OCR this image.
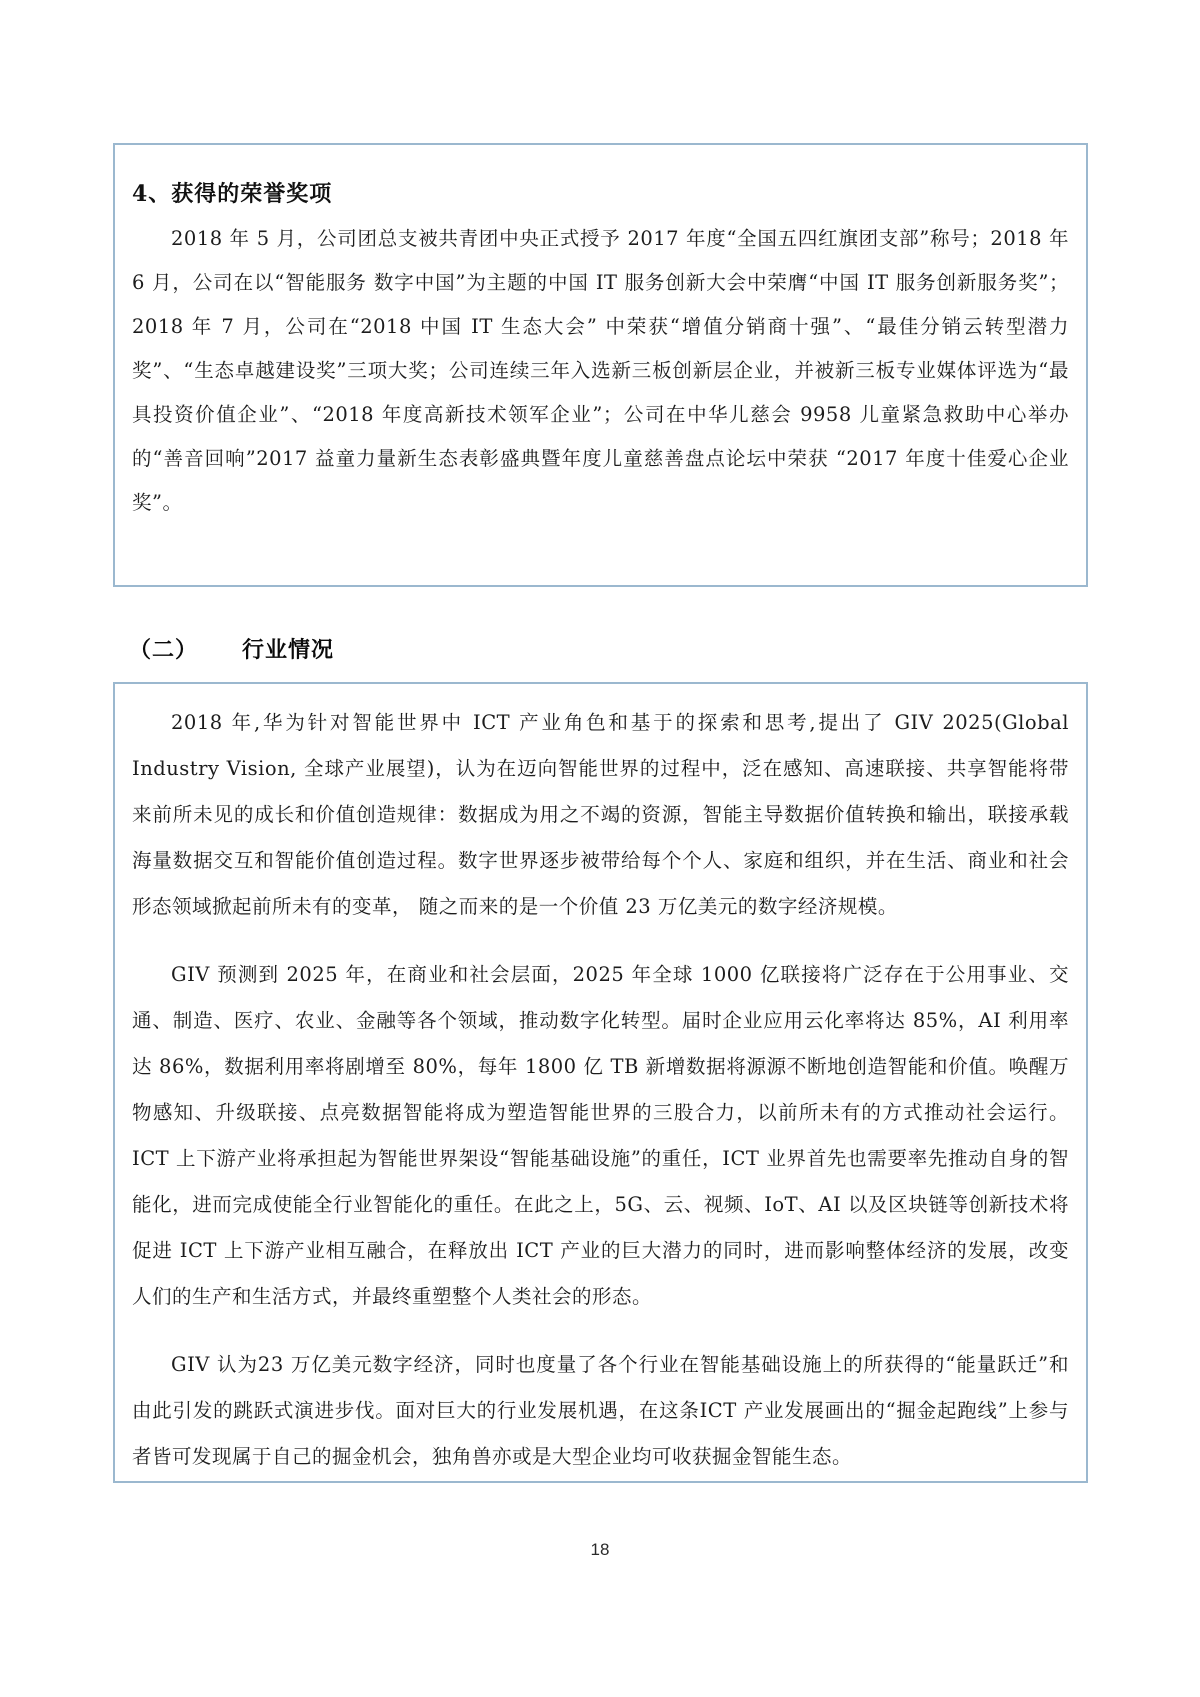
4、获得的荣誉奖项

2018 年 5 月，公司团总支被共青团中央正式授予 2017 年度“全国五四红旗团支部”称号；2018 年 6 月，公司在以“智能服务 数字中国”为主题的中国 IT 服务创新大会中荣膺“中国 IT 服务创新服务奖”；2018 年 7 月，公司在“2018 中国 IT 生态大会” 中荣获“增值分销商十强”、“最佳分销云转型潜力奖”、“生态卓越建设奖”三项大奖；公司连续三年入选新三板创新层企业，并被新三板专业媒体评选为“最具投资价值企业”、“2018 年度高新技术领军企业”；公司在中华儿慈会 9958 儿童紧急救助中心举办的“善音回响”2017 益童力量新生态表彰盛典暨年度儿童慈善盘点论坛中荣获 “2017 年度十佳爱心企业奖”。

（二） 行业情况

2018 年,华为针对智能世界中 ICT 产业角色和基于的探索和思考,提出了 GIV 2025(Global Industry Vision, 全球产业展望)，认为在迈向智能世界的过程中，泛在感知、高速联接、共享智能将带来前所未见的成长和价值创造规律：数据成为用之不竭的资源，智能主导数据价值转换和输出，联接承载海量数据交互和智能价值创造过程。数字世界逐步被带给每个个人、家庭和组织，并在生活、商业和社会形态领域掀起前所未有的变革， 随之而来的是一个价值 23 万亿美元的数字经济规模。

GIV 预测到 2025 年，在商业和社会层面，2025 年全球 1000 亿联接将广泛存在于公用事业、交通、制造、医疗、农业、金融等各个领域，推动数字化转型。届时企业应用云化率将达 85%，AI 利用率达 86%，数据利用率将剧增至 80%，每年 1800 亿 TB 新增数据将源源不断地创造智能和价值。唤醒万物感知、升级联接、点亮数据智能将成为塑造智能世界的三股合力，以前所未有的方式推动社会运行。ICT 上下游产业将承担起为智能世界架设“智能基础设施”的重任，ICT 业界首先也需要率先推动自身的智能化，进而完成使能全行业智能化的重任。在此之上，5G、云、视频、IoT、AI 以及区块链等创新技术将促进 ICT 上下游产业相互融合，在释放出 ICT 产业的巨大潜力的同时，进而影响整体经济的发展，改变人们的生产和生活方式，并最终重塑整个人类社会的形态。

GIV 认为23 万亿美元数字经济，同时也度量了各个行业在智能基础设施上的所获得的“能量跃迁”和由此引发的跳跃式演进步伐。面对巨大的行业发展机遇，在这条ICT 产业发展画出的“掘金起跑线”上参与者皆可发现属于自己的掘金机会，独角兽亦或是大型企业均可收获掘金智能生态。

18
